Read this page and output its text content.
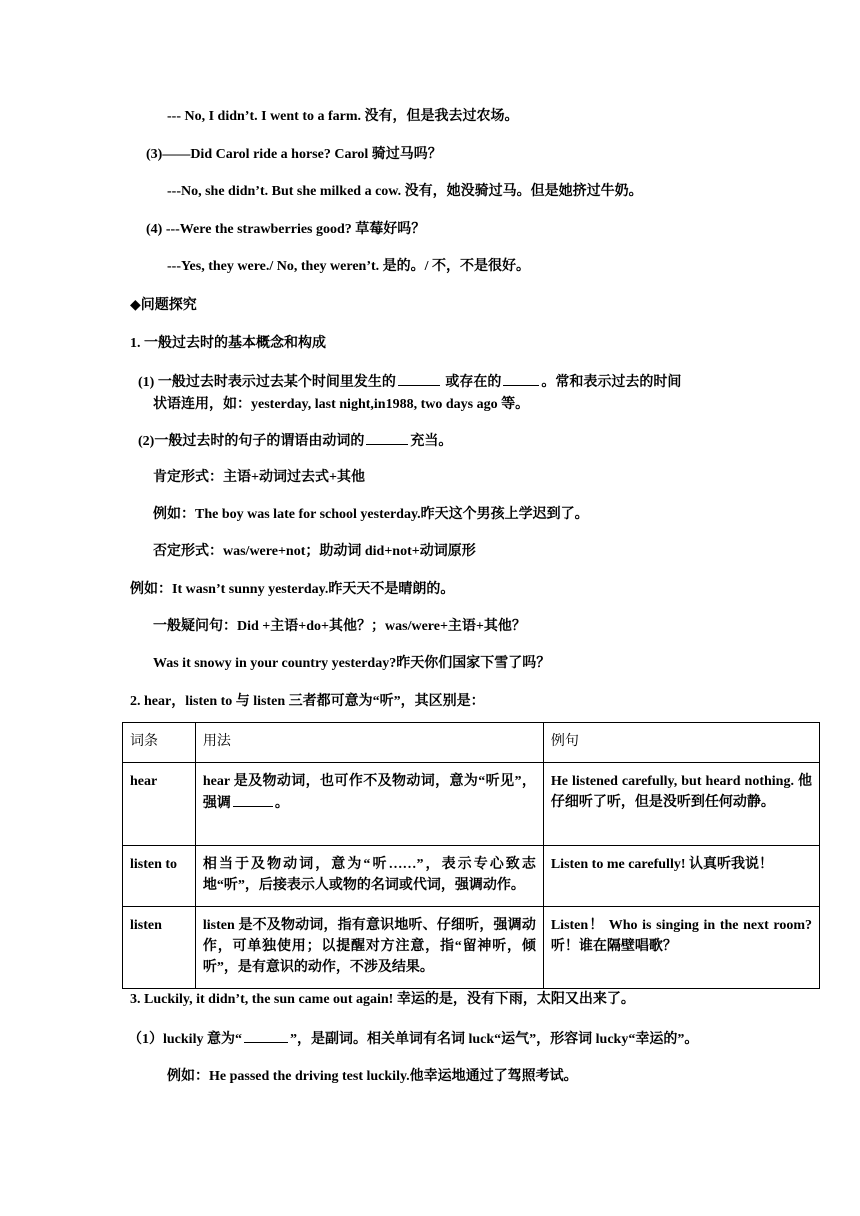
--- No, I didn’t. I went to a farm. 没有，但是我去过农场。
(3)——Did Carol ride a horse? Carol 骑过马吗？
---No, she didn’t. But she milked a cow. 没有，她没骑过马。但是她挤过牛奶。
(4) ---Were the strawberries good? 草莓好吗？
---Yes, they were./ No, they weren’t. 是的。/ 不，不是很好。
◆问题探究
1. 一般过去时的基本概念和构成
(1) 一般过去时表示过去某个时间里发生的	或存在的	。常和表示过去的时间
状语连用，如：yesterday, last night,in1988, two days ago 等。
(2)一般过去时的句子的谓语由动词的	充当。
肯定形式：主语+动词过去式+其他
例如：The boy was late for school yesterday.昨天这个男孩上学迟到了。
否定形式：was/were+not；助动词 did+not+动词原形
例如：It wasn’t sunny yesterday.昨天天不是晴朗的。
一般疑问句：Did +主语+do+其他？；was/were+主语+其他？
Was it snowy in your country yesterday?昨天你们国家下雪了吗？
2. hear，listen to 与 listen 三者都可意为“听”，其区别是：
词条	用法	例句
hear	hear 是及物动词，也可作不及物动词，意为“听见”，强调 。	He listened carefully, but heard nothing. 他仔细听了听，但是没听到任何动静。
listen to	相当于及物动词，意为“听……”，表示专心致志地“听”，后接表示人或物的名词或代词，强调动作。	Listen to me carefully! 认真听我说！
listen	listen 是不及物动词，指有意识地听、仔细听，强调动作，可单独使用；以提醒对方注意，指“留神听，倾听”，是有意识的动作，不涉及结果。	Listen！ Who is singing in the next room? 听！谁在隔壁唱歌？
3. Luckily, it didn’t, the sun came out again! 幸运的是，没有下雨，太阳又出来了。
（1）luckily 意为“	”，是副词。相关单词有名词 luck“运气”，形容词 lucky“幸运的”。
例如：He passed the driving test luckily.他幸运地通过了驾照考试。
